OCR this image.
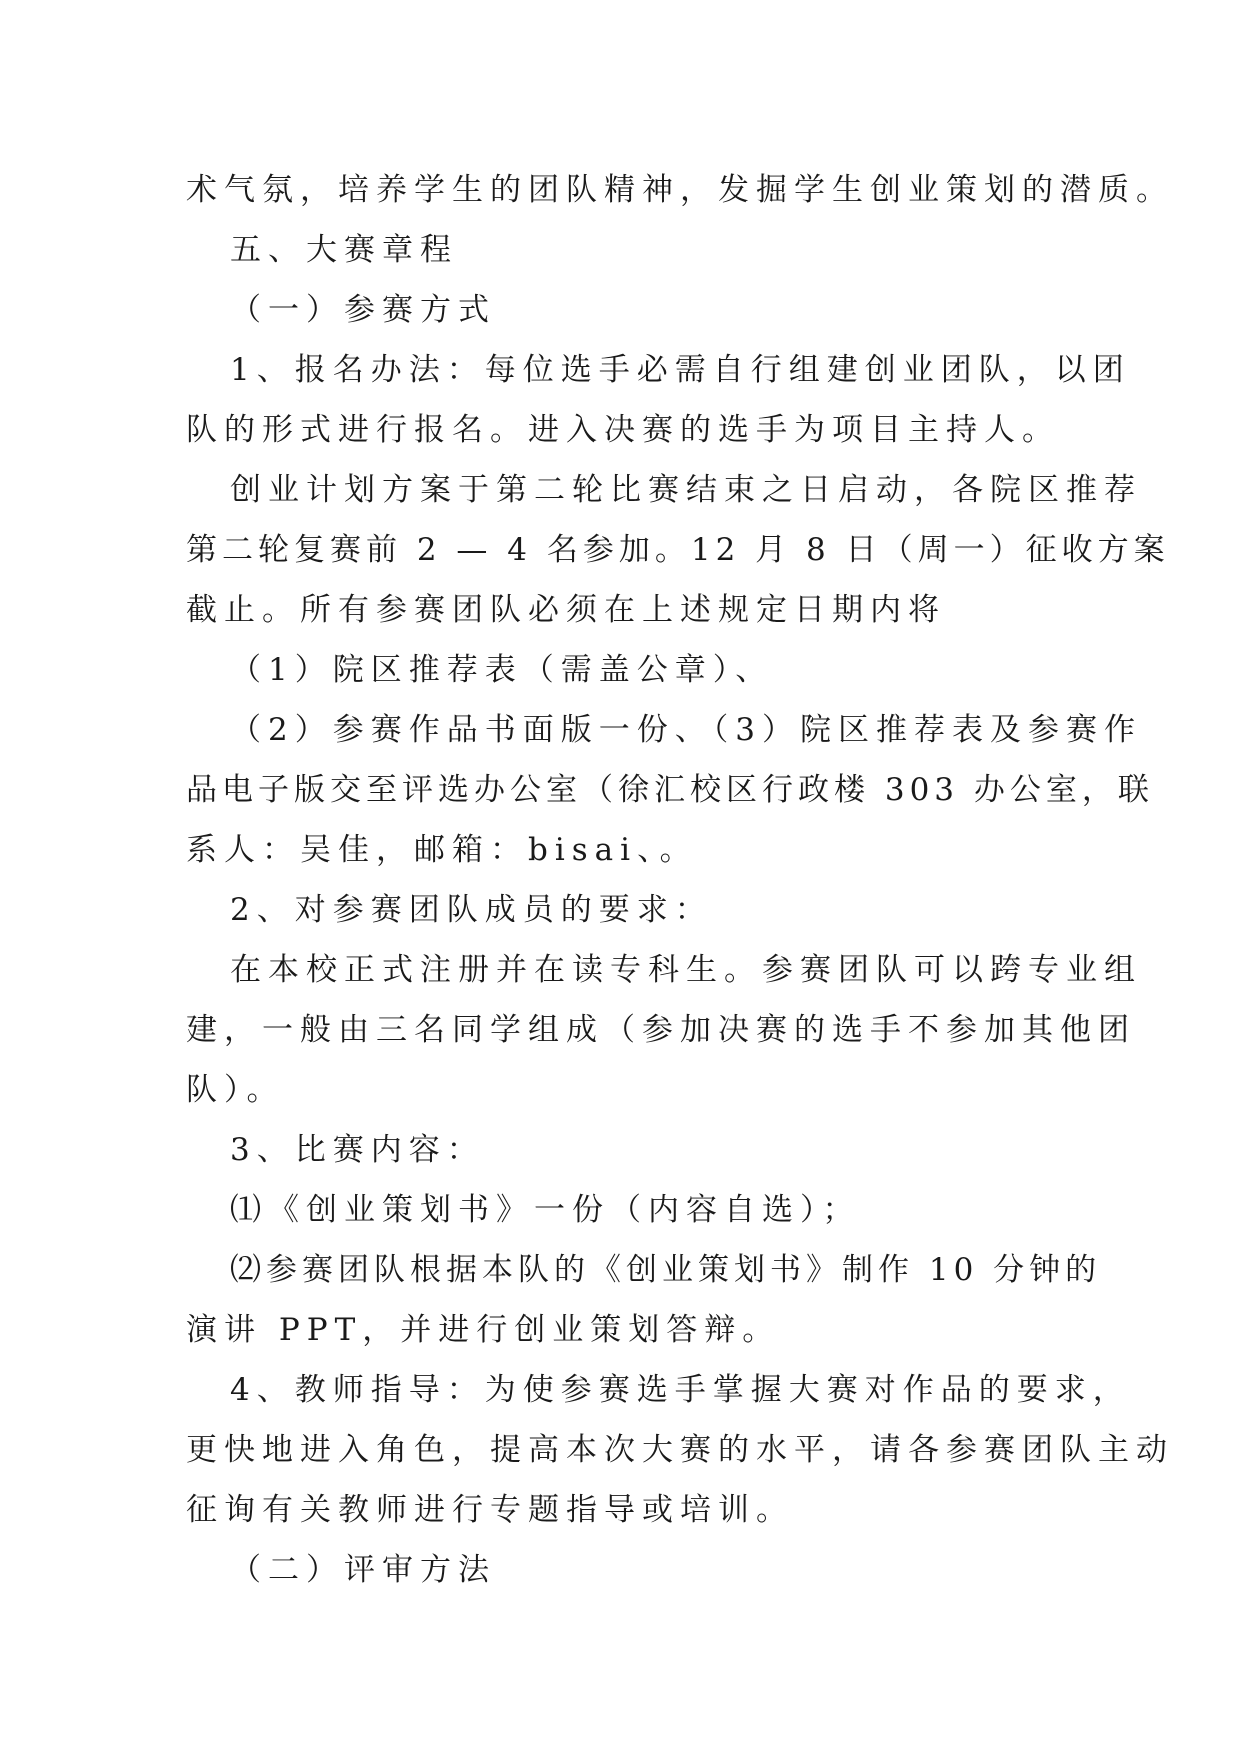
术气氛，培养学生的团队精神，发掘学生创业策划的潜质。
五、大赛章程
（一）参赛方式
1、报名办法：每位选手必需自行组建创业团队，以团
队的形式进行报名。进入决赛的选手为项目主持人。
创业计划方案于第二轮比赛结束之日启动，各院区推荐
第二轮复赛前 2 — 4 名参加。12 月 8 日（周一）征收方案
截止。所有参赛团队必须在上述规定日期内将
（1）院区推荐表（需盖公章）、
（2）参赛作品书面版一份、（3）院区推荐表及参赛作
品电子版交至评选办公室（徐汇校区行政楼 303 办公室，联
系人：吴佳，邮箱：bisai、。
2、对参赛团队成员的要求：
在本校正式注册并在读专科生。参赛团队可以跨专业组
建，一般由三名同学组成（参加决赛的选手不参加其他团
队）。
3、比赛内容：
⑴《创业策划书》一份（内容自选）；
⑵参赛团队根据本队的《创业策划书》制作 10 分钟的
演讲 PPT，并进行创业策划答辩。
4、教师指导：为使参赛选手掌握大赛对作品的要求，
更快地进入角色，提高本次大赛的水平，请各参赛团队主动
征询有关教师进行专题指导或培训。
（二）评审方法
